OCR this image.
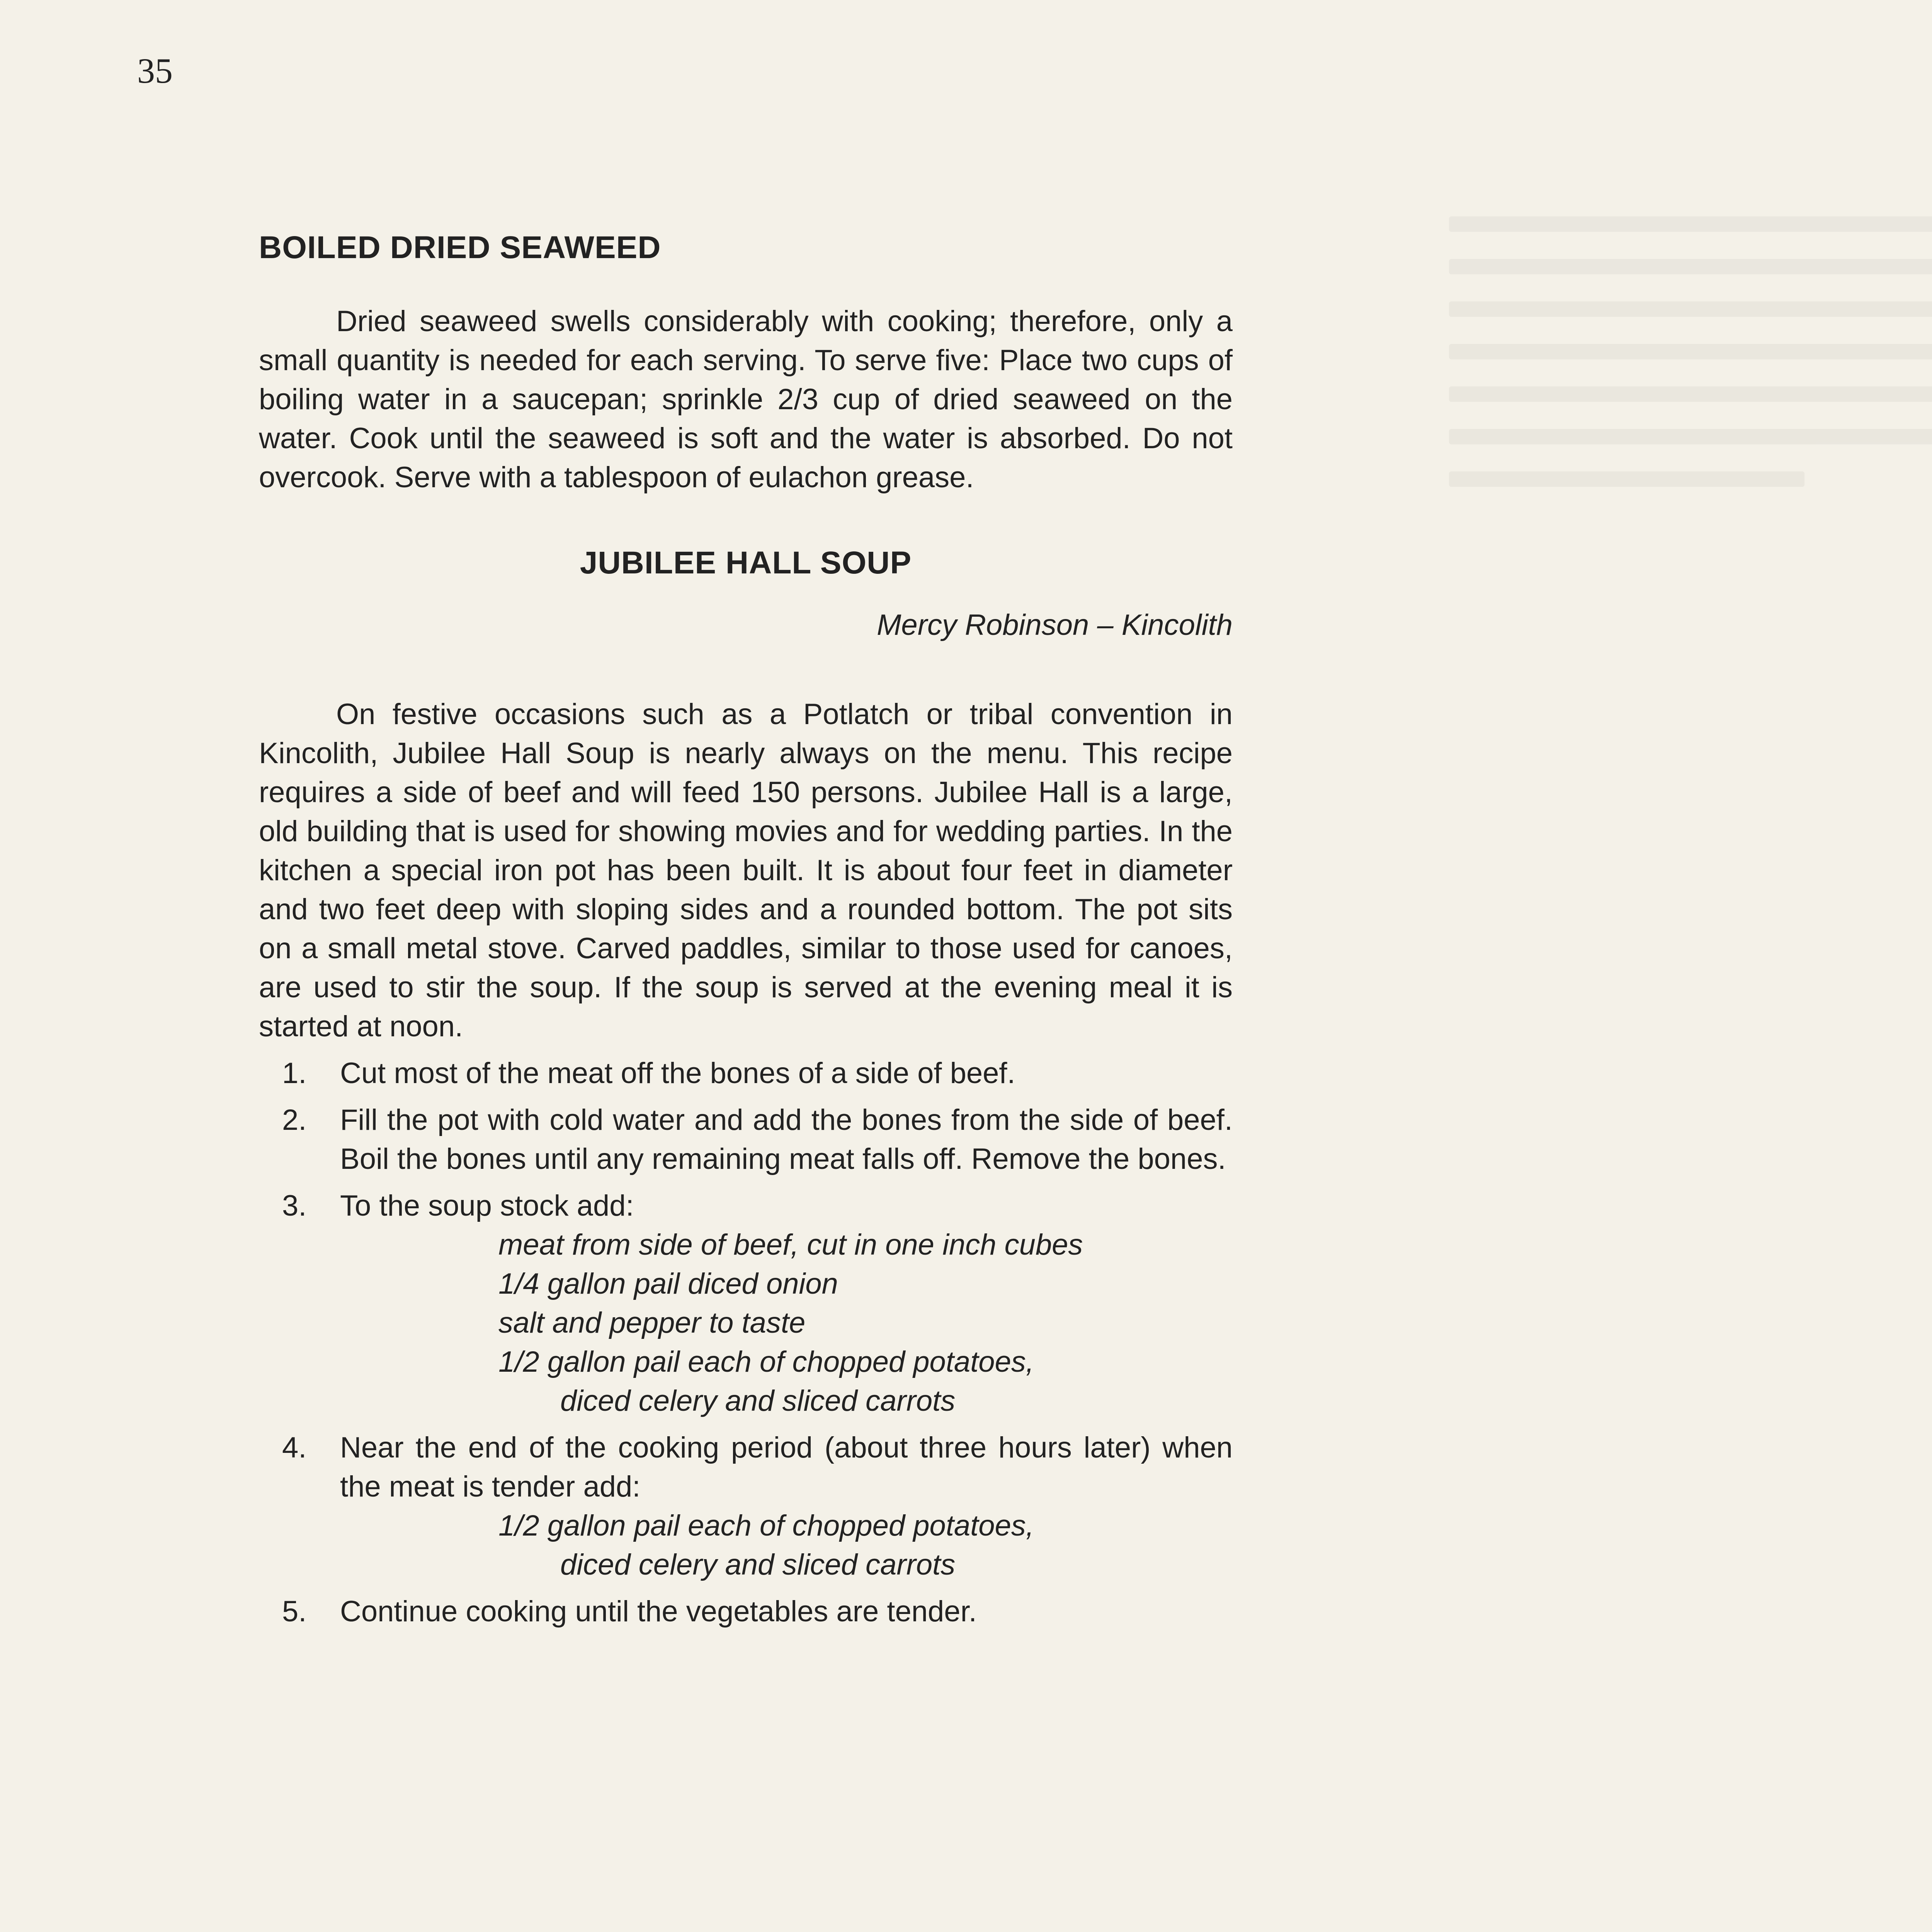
35
BOILED DRIED SEAWEED

Dried seaweed swells considerably with cooking; therefore, only a small quantity is needed for each serving. To serve five: Place two cups of boiling water in a saucepan; sprinkle 2/3 cup of dried seaweed on the water. Cook until the seaweed is soft and the water is absorbed. Do not overcook. Serve with a tablespoon of eulachon grease.

JUBILEE HALL SOUP
Mercy Robinson – Kincolith

On festive occasions such as a Potlatch or tribal convention in Kincolith, Jubilee Hall Soup is nearly always on the menu. This recipe requires a side of beef and will feed 150 persons. Jubilee Hall is a large, old building that is used for showing movies and for wedding parties. In the kitchen a special iron pot has been built. It is about four feet in diameter and two feet deep with sloping sides and a rounded bottom. The pot sits on a small metal stove. Carved paddles, similar to those used for canoes, are used to stir the soup. If the soup is served at the evening meal it is started at noon.

1.	Cut most of the meat off the bones of a side of beef.
2.	Fill the pot with cold water and add the bones from the side of beef. Boil the bones until any remaining meat falls off. Remove the bones.
3.	To the soup stock add:
meat from side of beef, cut in one inch cubes
1/4 gallon pail diced onion
salt and pepper to taste
1/2 gallon pail each of chopped potatoes,
diced celery and sliced carrots
4.	Near the end of the cooking period (about three hours later) when the meat is tender add:
1/2 gallon pail each of chopped potatoes,
diced celery and sliced carrots
5.	Continue cooking until the vegetables are tender.
